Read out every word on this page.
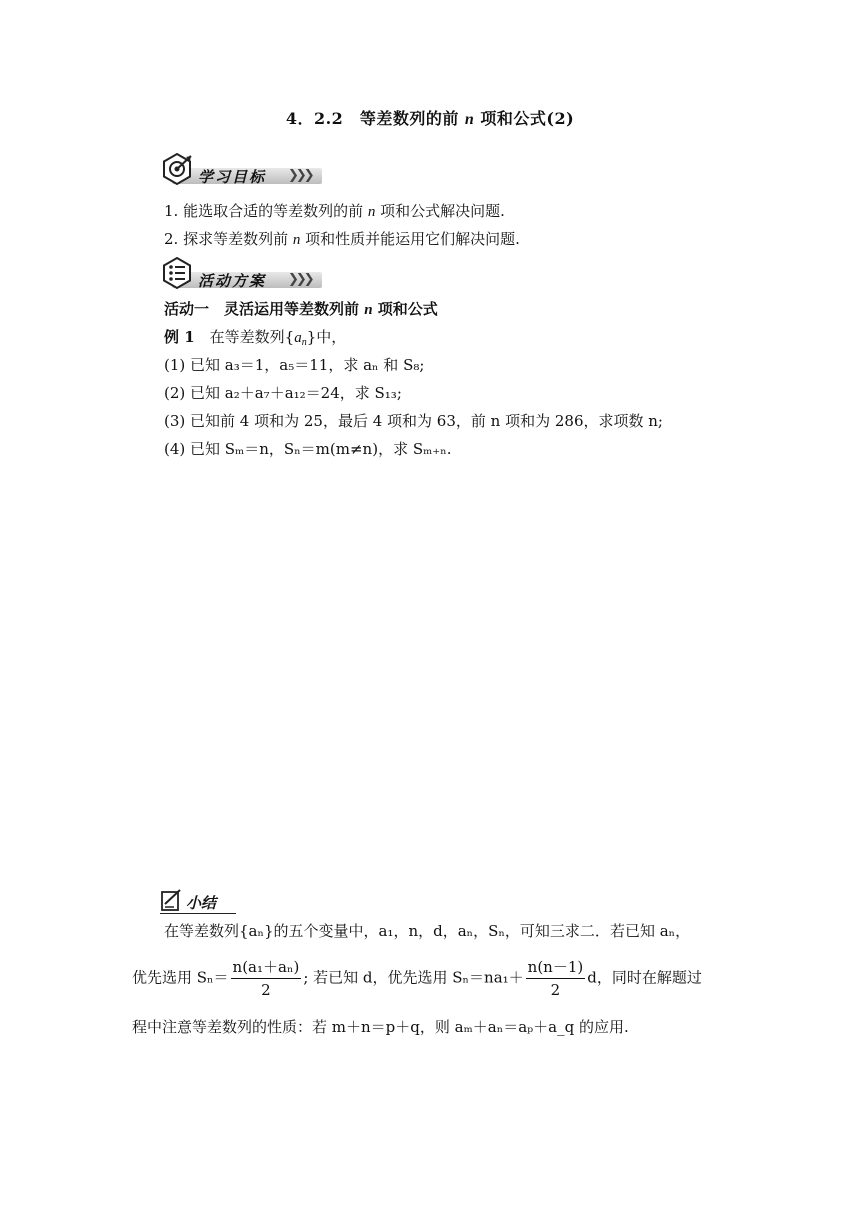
4．2.2　等差数列的前 n 项和公式(2)
学习目标 ❯❯❯
1. 能选取合适的等差数列的前 n 项和公式解决问题.
2. 探求等差数列前 n 项和性质并能运用它们解决问题.
活动方案 ❯❯❯
活动一　灵活运用等差数列前 n 项和公式
例 1　在等差数列$\{a_n\}$中，
(1) 已知 a₃＝1，a₅＝11，求 aₙ 和 S₈;
(2) 已知 a₂＋a₇＋a₁₂＝24，求 S₁₃;
(3) 已知前 4 项和为 25，最后 4 项和为 63，前 n 项和为 286，求项数 n;
(4) 已知 Sₘ＝n，Sₙ＝m(m≠n)，求 Sₘ₊ₙ.
小结
在等差数列{aₙ}的五个变量中，a₁，n，d，aₙ，Sₙ，可知三求二．若已知 aₙ，
优先选用 $S_n= \frac{\text{n(a₁＋aₙ)}}{2}$ ; 若已知 d，优先选用 $S_n=na_1+ \frac{n(n-1)}{2}$ d，同时在解题过
程中注意等差数列的性质：若 m＋n＝p＋q，则 aₘ＋aₙ＝aₚ＋a_q 的应用.
